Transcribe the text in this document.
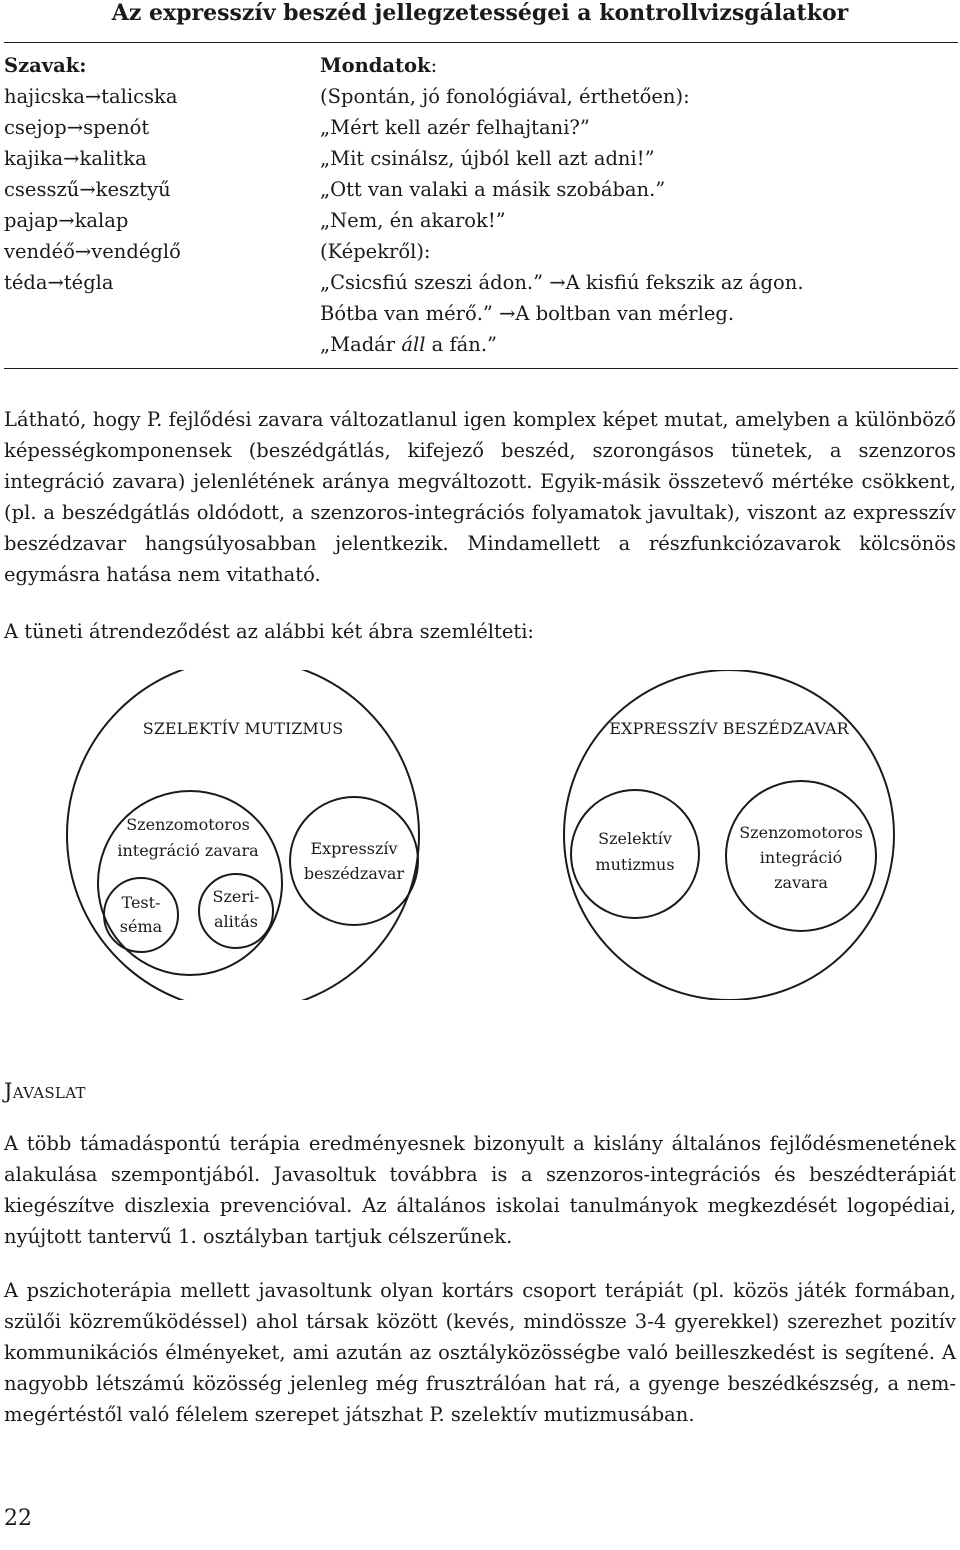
Az expresszív beszéd jellegzetességei a kontrollvizsgálatkor
Szavak:
hajicska→talicska
csejop→spenót
kajika→kalitka
csesszű→kesztyű
pajap→kalap
vendéő→vendéglő
téda→tégla
Mondatok:
(Spontán, jó fonológiával, érthetően):
„Mért kell azér felhajtani?”
„Mit csinálsz, újból kell azt adni!”
„Ott van valaki a másik szobában.”
„Nem, én akarok!”
(Képekről):
„Csicsfiú szeszi ádon.” →A kisfiú fekszik az ágon.
Bótba van mérő.” →A boltban van mérleg.
„Madár áll a fán.”
Látható, hogy P. fejlődési zavara változatlanul igen komplex képet mutat, amelyben a különböző képességkomponensek (beszédgátlás, kifejező beszéd, szorongásos tünetek, a szenzoros integráció zavara) jelenlétének aránya megváltozott. Egyik-másik összetevő mértéke csökkent, (pl. a beszédgátlás oldódott, a szenzoros-integrációs folyamatok javultak), viszont az expresszív beszédzavar hangsúlyosabban jelentkezik. Mindamellett a részfunkciózavarok kölcsönös egymásra hatása nem vitatható.
A tüneti átrendeződést az alábbi két ábra szemlélteti:
SZELEKTÍV MUTIZMUS
Szenzomotoros
integráció zavara
Test-
séma
Szeri-
alitás
Expresszív
beszédzavar
EXPRESSZÍV BESZÉDZAVAR
Szelektív
mutizmus
Szenzomotoros
integráció
zavara
Javaslat
A több támadáspontú terápia eredményesnek bizonyult a kislány általános fejlődésmenetének alakulása szempontjából. Javasoltuk továbbra is a szenzoros-integrációs és beszédterápiát kiegészítve diszlexia prevencióval. Az általános iskolai tanulmányok megkezdését logopédiai, nyújtott tantervű 1. osztályban tartjuk célszerűnek.
A pszichoterápia mellett javasoltunk olyan kortárs csoport terápiát (pl. közös játék formában, szülői közreműködéssel) ahol társak között (kevés, mindössze 3-4 gyerekkel) szerezhet pozitív kommunikációs élményeket, ami azután az osztályközösségbe való beilleszkedést is segítené. A nagyobb létszámú közösség jelenleg még frusztrálóan hat rá, a gyenge beszédkészség, a nem-megértéstől való félelem szerepet játszhat P. szelektív mutizmusában.
22
